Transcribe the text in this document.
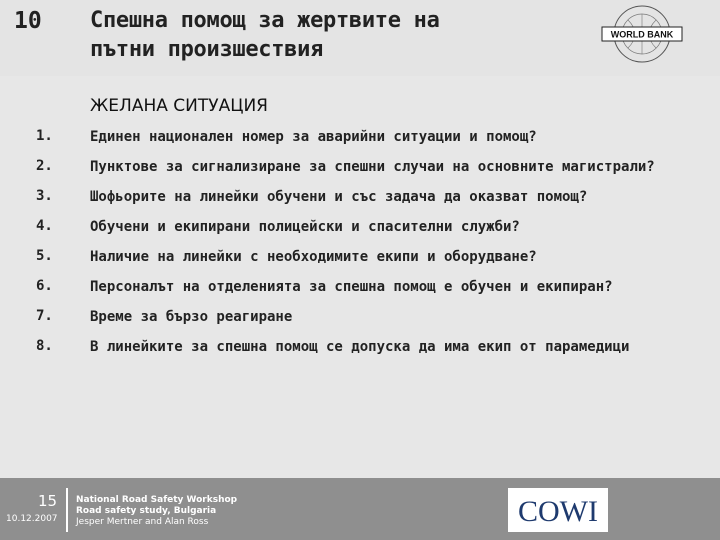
10 Спешна помощ за жертвите на
пътни произшествия
WORLD BANK
ЖЕЛАНА СИТУАЦИЯ
1.	Единен национален номер за аварийни ситуации и помощ?
2.	Пунктове за сигнализиране за спешни случаи на основните магистрали?
3.	Шофьорите на линейки обучени и със задача да оказват помощ?
4.	Обучени и екипирани полицейски и спасителни служби?
5.	Наличие на линейки с необходимите екипи и оборудване?
6.	Персоналът на отделенията за спешна помощ е обучен и екипиран?
7.	Време за бързо реагиране
8.	В линейките за спешна помощ се допуска да има екип от парамедици
15
10.12.2007
National Road Safety Workshop
Road safety study, Bulgaria
Jesper Mertner and Alan Ross	COWI
